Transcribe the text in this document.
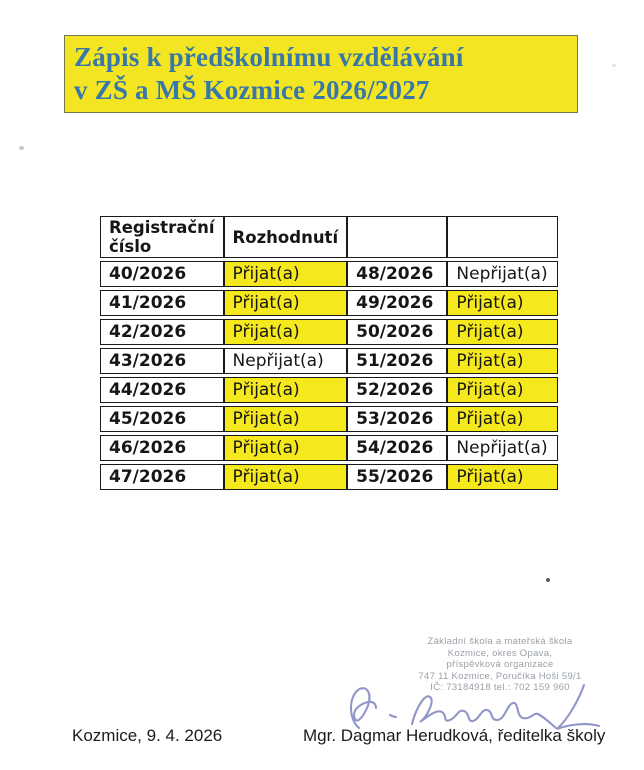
Zápis k předškolnímu vzdělávání
v ZŠ a MŠ Kozmice 2026/2027
Registrační číslo	Rozhodnutí		
40/2026	Přijat(a)	48/2026	Nepřijat(a)
41/2026	Přijat(a)	49/2026	Přijat(a)
42/2026	Přijat(a)	50/2026	Přijat(a)
43/2026	Nepřijat(a)	51/2026	Přijat(a)
44/2026	Přijat(a)	52/2026	Přijat(a)
45/2026	Přijat(a)	53/2026	Přijat(a)
46/2026	Přijat(a)	54/2026	Nepřijat(a)
47/2026	Přijat(a)	55/2026	Přijat(a)
Základní škola a mateřská škola
Kozmice, okres Opava,
příspěvková organizace
747 11 Kozmice, Poručíka Hoši 59/1
IČ: 73184918 tel.: 702 159 960
Kozmice, 9. 4. 2026	Mgr. Dagmar Herudková, ředitelka školy
